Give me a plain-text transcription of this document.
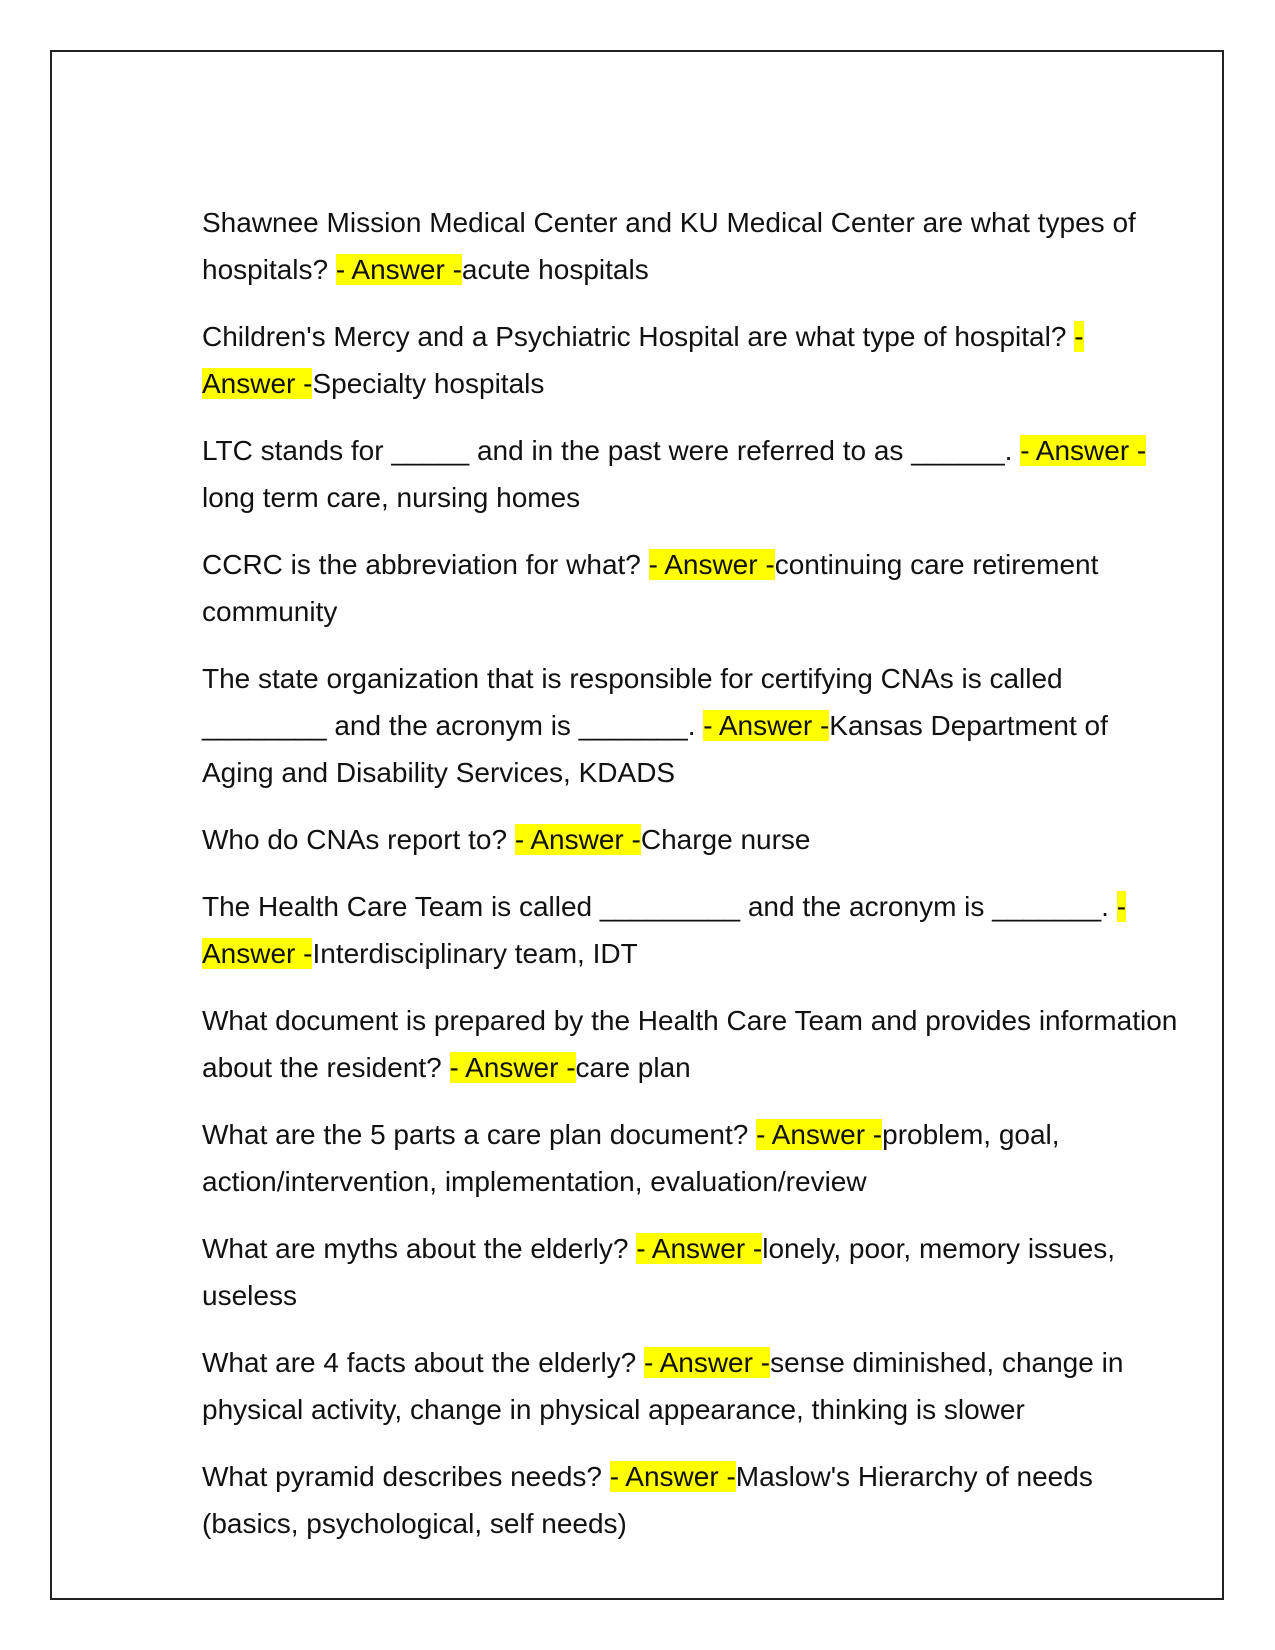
Shawnee Mission Medical Center and KU Medical Center are what types of hospitals? - Answer -acute hospitals

Children's Mercy and a Psychiatric Hospital are what type of hospital? - Answer -Specialty hospitals

LTC stands for _____ and in the past were referred to as ______. - Answer -long term care, nursing homes

CCRC is the abbreviation for what? - Answer -continuing care retirement community

The state organization that is responsible for certifying CNAs is called ________ and the acronym is _______. - Answer -Kansas Department of Aging and Disability Services, KDADS

Who do CNAs report to? - Answer -Charge nurse

The Health Care Team is called _________ and the acronym is _______. - Answer -Interdisciplinary team, IDT

What document is prepared by the Health Care Team and provides information about the resident? - Answer -care plan

What are the 5 parts a care plan document? - Answer -problem, goal, action/intervention, implementation, evaluation/review

What are myths about the elderly? - Answer -lonely, poor, memory issues, useless

What are 4 facts about the elderly? - Answer -sense diminished, change in physical activity, change in physical appearance, thinking is slower

What pyramid describes needs? - Answer -Maslow's Hierarchy of needs (basics, psychological, self needs)
